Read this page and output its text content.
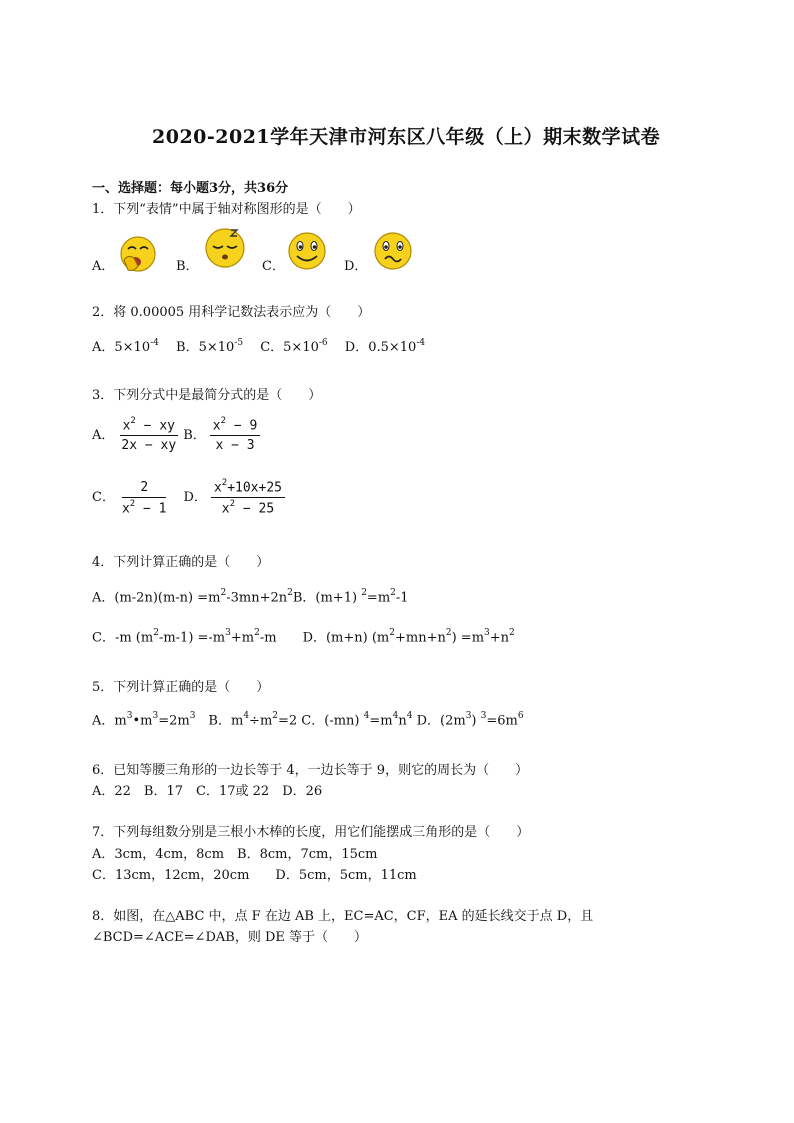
2020-2021学年天津市河东区八年级（上）期末数学试卷
一、选择题：每小题3分，共36分
1．下列“表情”中属于轴对称图形的是（　　）
A．	B．	C．	D．
2．将 0.00005 用科学记数法表示应为（　　）
A．$5\times 10^{-4}$　 B．$5\times 10^{-5}$　 C．$5\times 10^{-6}$　 D．$0.5\times 10^{-4}$
3．下列分式中是最简分式的是（　　）
A． $\frac{x^2 - xy}{2x - xy}$ B． $\frac{x^2 - 9}{x - 3}$
C． $\frac{2}{x^2 - 1}$ D． $\frac{x^2+10x+25}{x^2 - 25}$
4．下列计算正确的是（　　）
A．$(m-2n)(m-n) =m^2-3mn+2n^2B$．(m+1) $^2=m^2-1$
C．-m $(m^2-m-1) =-m^3+m^2-m$　　D．(m+n) $(m^2+mn+n^2) =m^3+n^2$
5．下列计算正确的是（　　）
A．$m^3•m^3=2m^3$　B．$m^4\div m^2=2$ C．(-mn) $^4=m^4n^4$ D．$(2m^3)$ $^3=6m^6$
6．已知等腰三角形的一边长等于 4，一边长等于 9，则它的周长为（　　）
A．22　B．17　C．17或 22　D．26
7．下列每组数分别是三根小木棒的长度，用它们能摆成三角形的是（　　）
A．3cm，4cm，8cm　B．8cm，7cm，15cm
C．13cm，12cm，20cm　　D．5cm，5cm，11cm
8．如图，在△ABC 中，点 F 在边 AB 上，EC=AC，CF，EA 的延长线交于点 D，且
∠BCD=∠ACE=∠DAB，则 DE 等于（　　）
